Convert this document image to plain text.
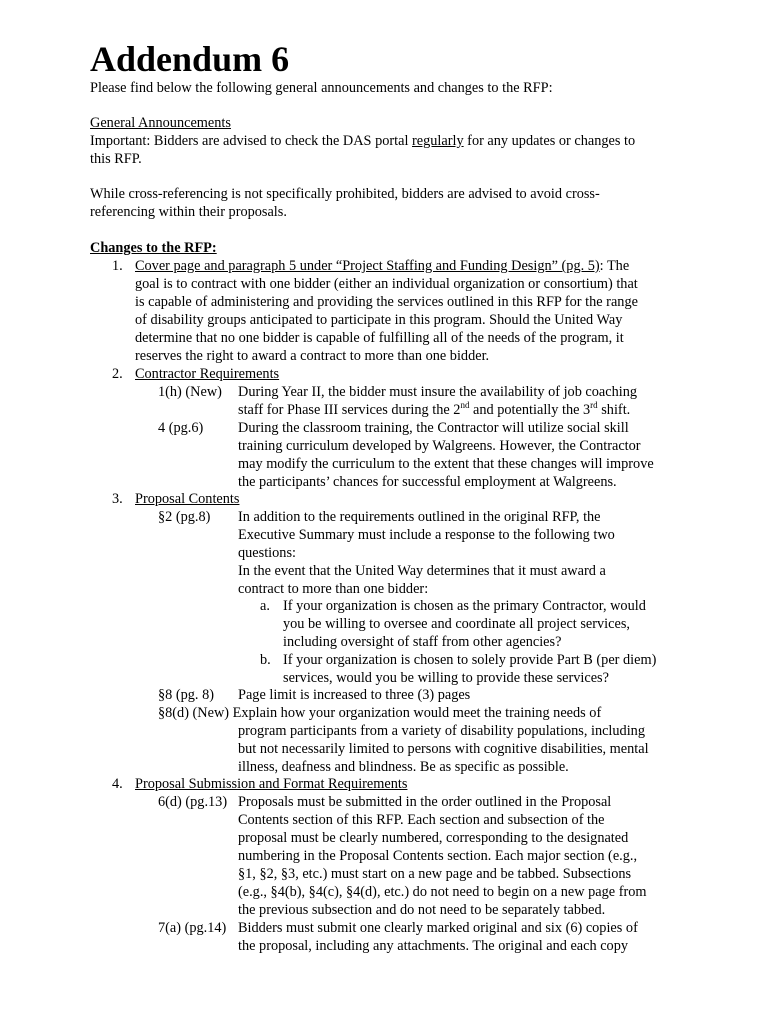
Addendum 6
Please find below the following general announcements and changes to the RFP:
General Announcements
Important: Bidders are advised to check the DAS portal regularly for any updates or changes to
this RFP.
While cross-referencing is not specifically prohibited, bidders are advised to avoid cross-
referencing within their proposals.
Changes to the RFP:
1. Cover page and paragraph 5 under “Project Staffing and Funding Design” (pg. 5): The
goal is to contract with one bidder (either an individual organization or consortium) that
is capable of administering and providing the services outlined in this RFP for the range
of disability groups anticipated to participate in this program. Should the United Way
determine that no one bidder is capable of fulfilling all of the needs of the program, it
reserves the right to award a contract to more than one bidder.
2. Contractor Requirements
1(h) (New) During Year II, the bidder must insure the availability of job coaching
staff for Phase III services during the 2nd and potentially the 3rd shift.
4 (pg.6) During the classroom training, the Contractor will utilize social skill
training curriculum developed by Walgreens. However, the Contractor
may modify the curriculum to the extent that these changes will improve
the participants’ chances for successful employment at Walgreens.
3. Proposal Contents
§2 (pg.8) In addition to the requirements outlined in the original RFP, the
Executive Summary must include a response to the following two
questions:
In the event that the United Way determines that it must award a
contract to more than one bidder:
a. If your organization is chosen as the primary Contractor, would
you be willing to oversee and coordinate all project services,
including oversight of staff from other agencies?
b. If your organization is chosen to solely provide Part B (per diem)
services, would you be willing to provide these services?
§8 (pg. 8) Page limit is increased to three (3) pages
§8(d) (New) Explain how your organization would meet the training needs of
program participants from a variety of disability populations, including
but not necessarily limited to persons with cognitive disabilities, mental
illness, deafness and blindness. Be as specific as possible.
4. Proposal Submission and Format Requirements
6(d) (pg.13) Proposals must be submitted in the order outlined in the Proposal
Contents section of this RFP. Each section and subsection of the
proposal must be clearly numbered, corresponding to the designated
numbering in the Proposal Contents section. Each major section (e.g.,
§1, §2, §3, etc.) must start on a new page and be tabbed. Subsections
(e.g., §4(b), §4(c), §4(d), etc.) do not need to begin on a new page from
the previous subsection and do not need to be separately tabbed.
7(a) (pg.14) Bidders must submit one clearly marked original and six (6) copies of
the proposal, including any attachments. The original and each copy
